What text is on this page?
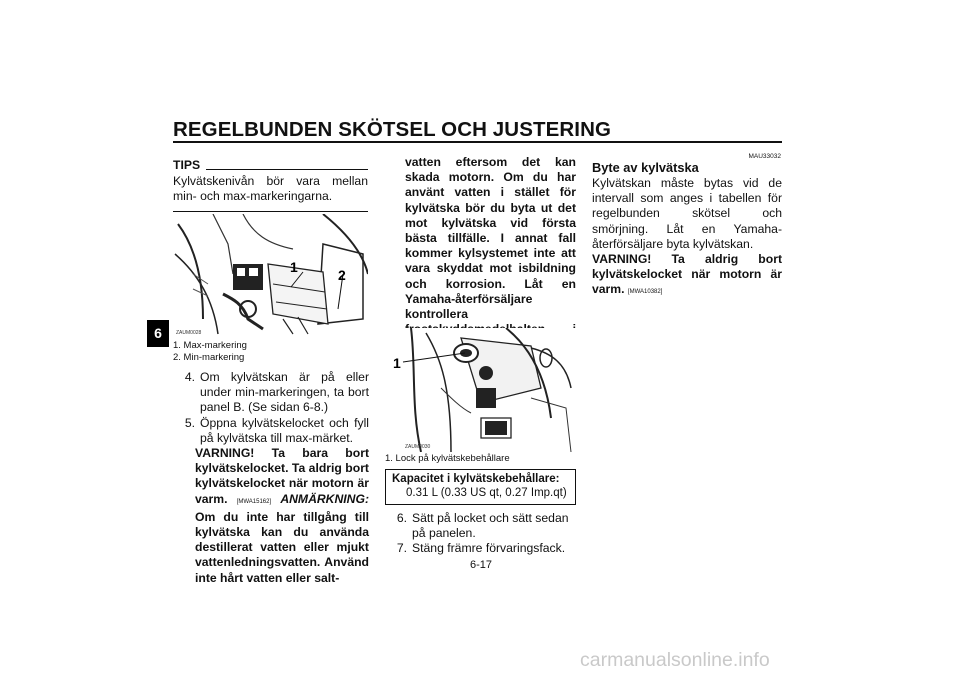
REGELBUNDEN SKÖTSEL OCH JUSTERING
6
TIPS
Kylvätskenivån bör vara mellan min- och max-markeringarna.
1	2
ZAUM0028
1. Max-markering
2. Min-markering
4. Om kylvätskan är på eller under min-markeringen, ta bort panel B. (Se sidan 6-8.)
5. Öppna kylvätskelocket och fyll på kylvätska till max-märket.
VARNING! Ta bara bort kylvätskelocket. Ta aldrig bort kylvätskelocket när motorn är varm. [MWA15162] ANMÄRKNING: Om du inte har tillgång till kylvätska kan du använda destillerat vatten eller mjukt vattenledningsvatten. Använd inte hårt vatten eller salt-
vatten eftersom det kan skada motorn. Om du har använt vatten i stället för kylvätska bör du byta ut det mot kylvätska vid första bästa tillfälle. I annat fall kommer kylsystemet inte att vara skyddat mot isbildning och korrosion. Låt en Yamaha-återförsäljare kontrollera
1
ZAUM0030
1. Lock på kylvätskebehållare
Kapacitet i kylvätskebehållare:
0.31 L (0.33 US qt, 0.27 Imp.qt)
6. Sätt på locket och sätt sedan på panelen.
7. Stäng främre förvaringsfack.
MAU33032
Byte av kylvätska
Kylvätskan måste bytas vid de intervall som anges i tabellen för regelbunden skötsel och smörjning. Låt en Yamaha-återförsäljare byta kylvätskan.
VARNING! Ta aldrig bort kylvätskelocket när motorn är varm. [MWA10382]
6-17
carmanualsonline.info
